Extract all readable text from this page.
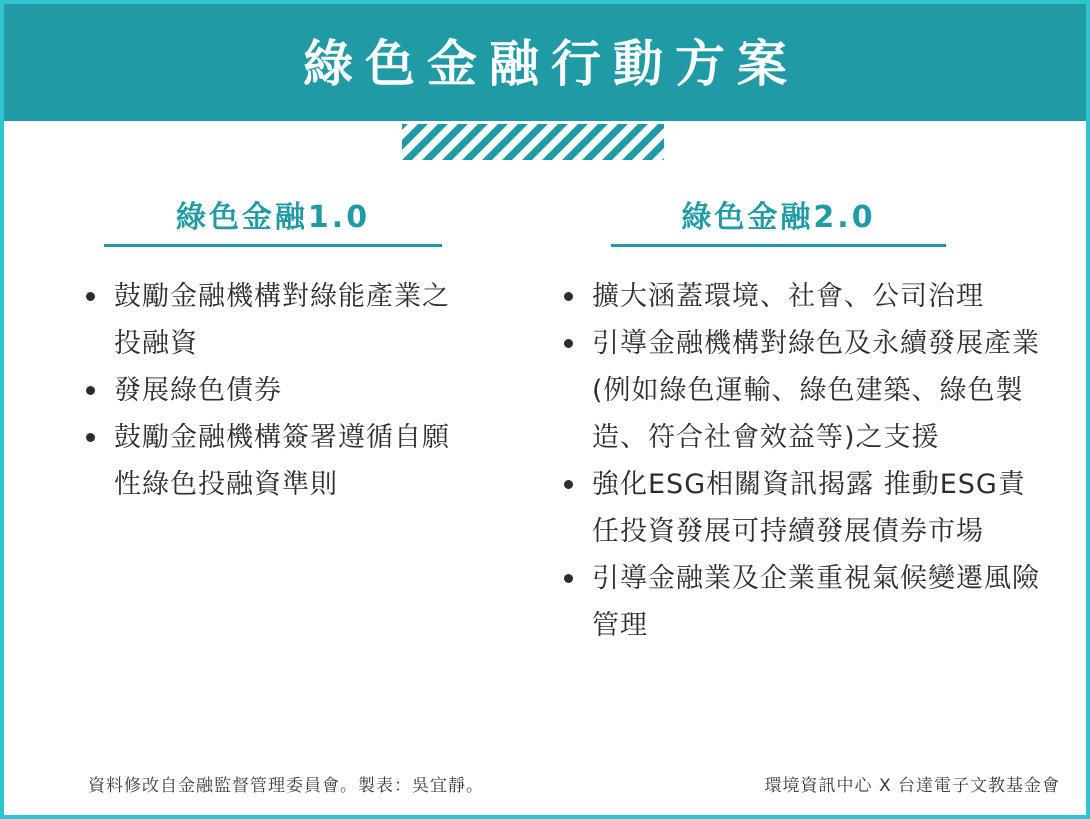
綠色金融行動方案
綠色金融1.0
鼓勵金融機構對綠能產業之投融資
發展綠色債券
鼓勵金融機構簽署遵循自願性綠色投融資準則
綠色金融2.0
擴大涵蓋環境、社會、公司治理
引導金融機構對綠色及永續發展產業(例如綠色運輸、綠色建築、綠色製造、符合社會效益等)之支援
強化ESG相關資訊揭露 推動ESG責任投資發展可持續發展債券市場
引導金融業及企業重視氣候變遷風險管理
資料修改自金融監督管理委員會。製表：吳宜靜。	環境資訊中心 X 台達電子文教基金會
